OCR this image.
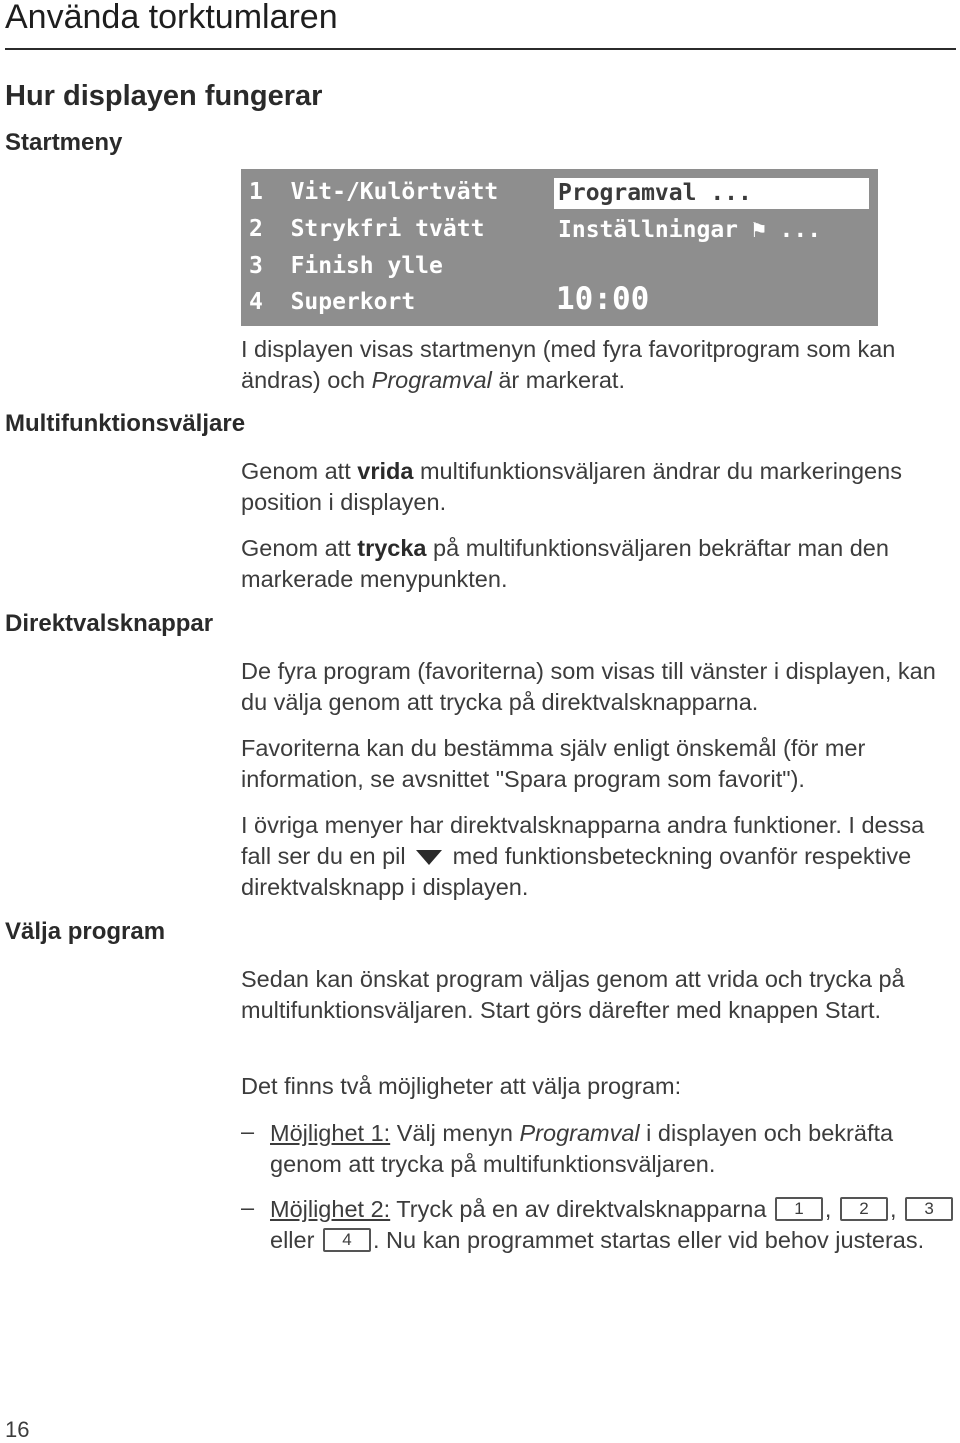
Använda torktumlaren
Hur displayen fungerar
Startmeny
Multifunktionsväljare
Direktvalsknappar
Välja program
1 Vit-/Kulörtvätt
2 Strykfri tvätt
3 Finish ylle
4 Superkort
Programval ...
Inställningar ⚑ ...
10:00
I displayen visas startmenyn (med fyra favoritprogram som kan ändras) och Programval är markerat.
Genom att vrida multifunktionsväljaren ändrar du markeringens position i displayen.
Genom att trycka på multifunktionsväljaren bekräftar man den markerade menypunkten.
De fyra program (favoriterna) som visas till vänster i displayen, kan du välja genom att trycka på direktvalsknapparna.
Favoriterna kan du bestämma själv enligt önskemål (för mer information, se avsnittet "Spara program som favorit").
I övriga menyer har direktvalsknapparna andra funktioner. I dessa fall ser du en pil med funktionsbeteckning ovanför respektive direktvalsknapp i displayen.
Sedan kan önskat program väljas genom att vrida och trycka på multifunktionsväljaren. Start görs därefter med knappen Start.
Det finns två möjligheter att välja program:
– Möjlighet 1: Välj menyn Programval i displayen och bekräfta genom att trycka på multifunktionsväljaren.
– Möjlighet 2: Tryck på en av direktvalsknapparna 1 , 2 , 3 eller 4 . Nu kan programmet startas eller vid behov justeras.
16
